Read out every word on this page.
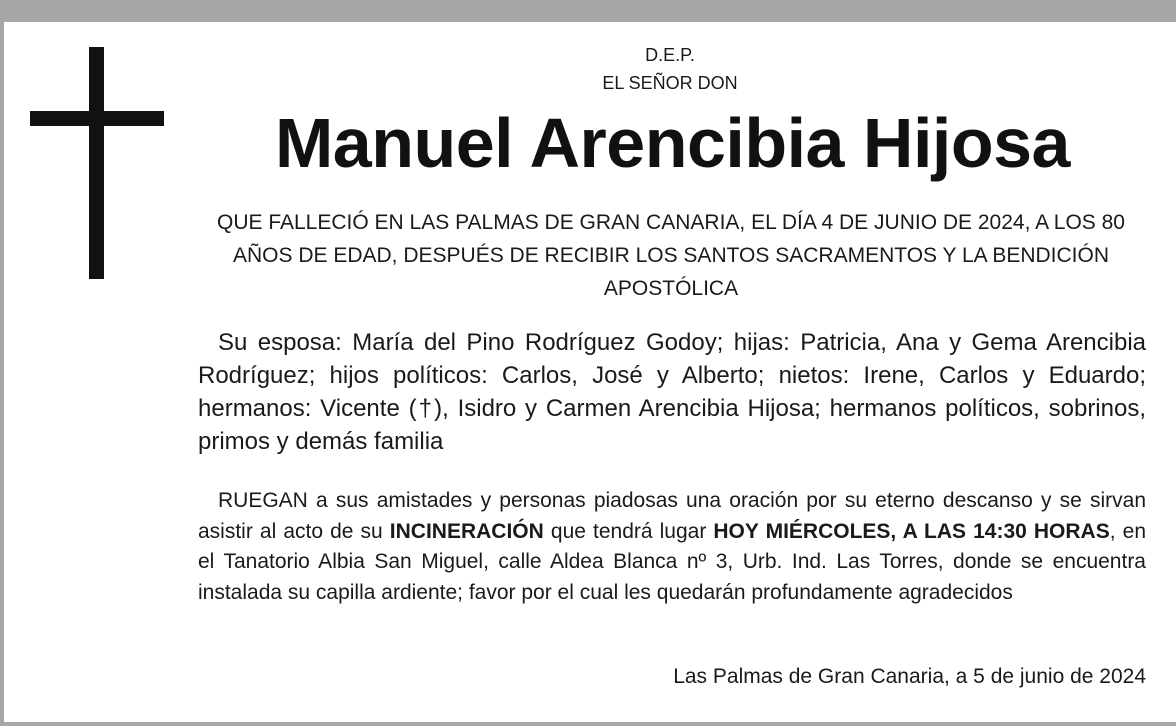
D.E.P.
EL SEÑOR DON
Manuel Arencibia Hijosa
QUE FALLECIÓ EN LAS PALMAS DE GRAN CANARIA, EL DÍA 4 DE JUNIO DE 2024, A LOS 80 AÑOS DE EDAD, DESPUÉS DE RECIBIR LOS SANTOS SACRAMENTOS Y LA BENDICIÓN APOSTÓLICA
Su esposa: María del Pino Rodríguez Godoy; hijas: Patricia, Ana y Gema Arencibia Rodríguez; hijos políticos: Carlos, José y Alberto; nietos: Irene, Carlos y Eduardo; hermanos: Vicente (†), Isidro y Carmen Arencibia Hijosa; hermanos políticos, sobrinos, primos y demás familia
RUEGAN a sus amistades y personas piadosas una oración por su eterno descanso y se sirvan asistir al acto de su INCINERACIÓN que tendrá lugar HOY MIÉRCOLES, A LAS 14:30 HORAS, en el Tanatorio Albia San Miguel, calle Aldea Blanca nº 3, Urb. Ind. Las Torres, donde se encuentra instalada su capilla ardiente; favor por el cual les quedarán profundamente agradecidos
Las Palmas de Gran Canaria, a 5 de junio de 2024
